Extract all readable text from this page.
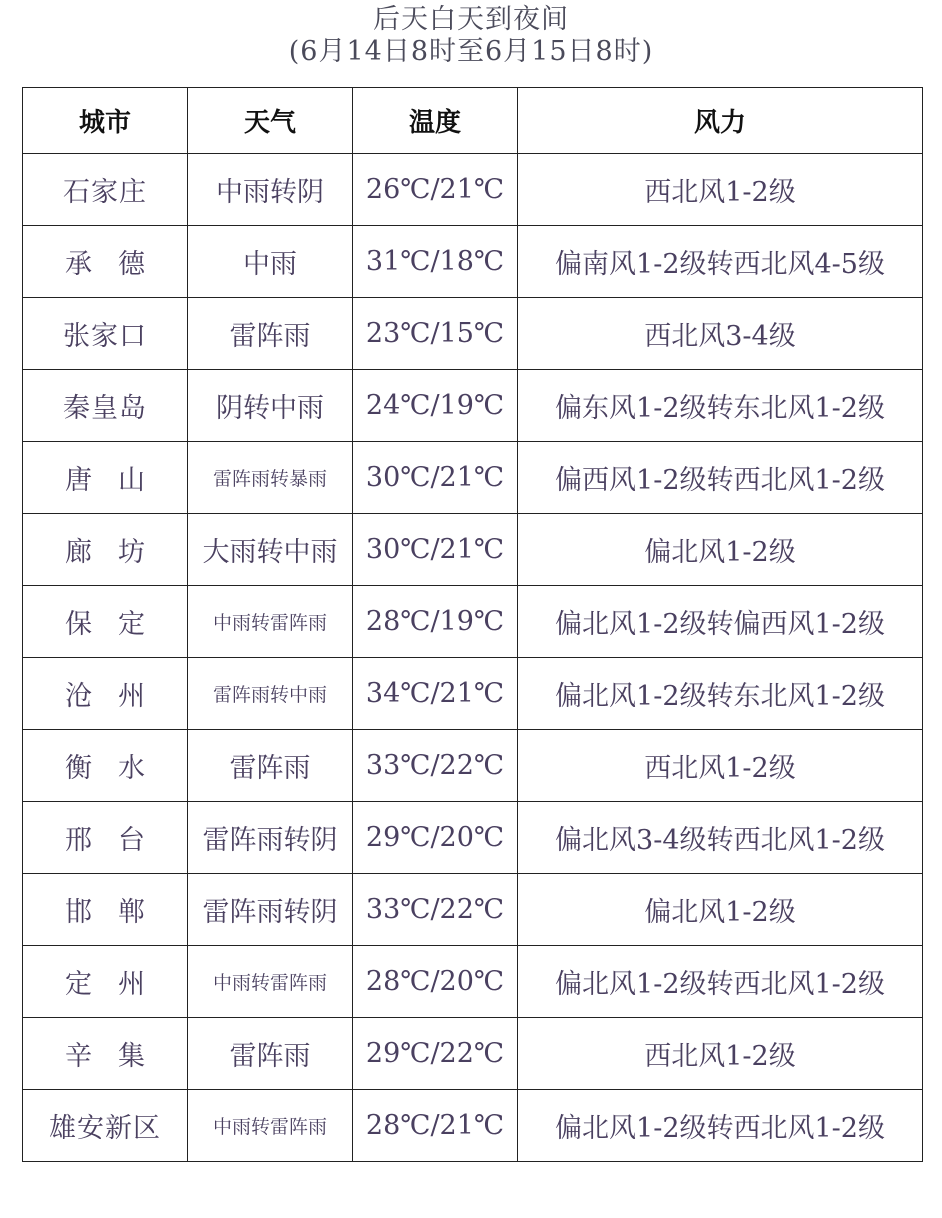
后天白天到夜间
(6月14日8时至6月15日8时)
城市	天气	温度	风力
石家庄	中雨转阴	26℃/21℃	西北风1-2级
承德	中雨	31℃/18℃	偏南风1-2级转西北风4-5级
张家口	雷阵雨	23℃/15℃	西北风3-4级
秦皇岛	阴转中雨	24℃/19℃	偏东风1-2级转东北风1-2级
唐山	雷阵雨转暴雨	30℃/21℃	偏西风1-2级转西北风1-2级
廊坊	大雨转中雨	30℃/21℃	偏北风1-2级
保定	中雨转雷阵雨	28℃/19℃	偏北风1-2级转偏西风1-2级
沧州	雷阵雨转中雨	34℃/21℃	偏北风1-2级转东北风1-2级
衡水	雷阵雨	33℃/22℃	西北风1-2级
邢台	雷阵雨转阴	29℃/20℃	偏北风3-4级转西北风1-2级
邯郸	雷阵雨转阴	33℃/22℃	偏北风1-2级
定州	中雨转雷阵雨	28℃/20℃	偏北风1-2级转西北风1-2级
辛集	雷阵雨	29℃/22℃	西北风1-2级
雄安新区	中雨转雷阵雨	28℃/21℃	偏北风1-2级转西北风1-2级
